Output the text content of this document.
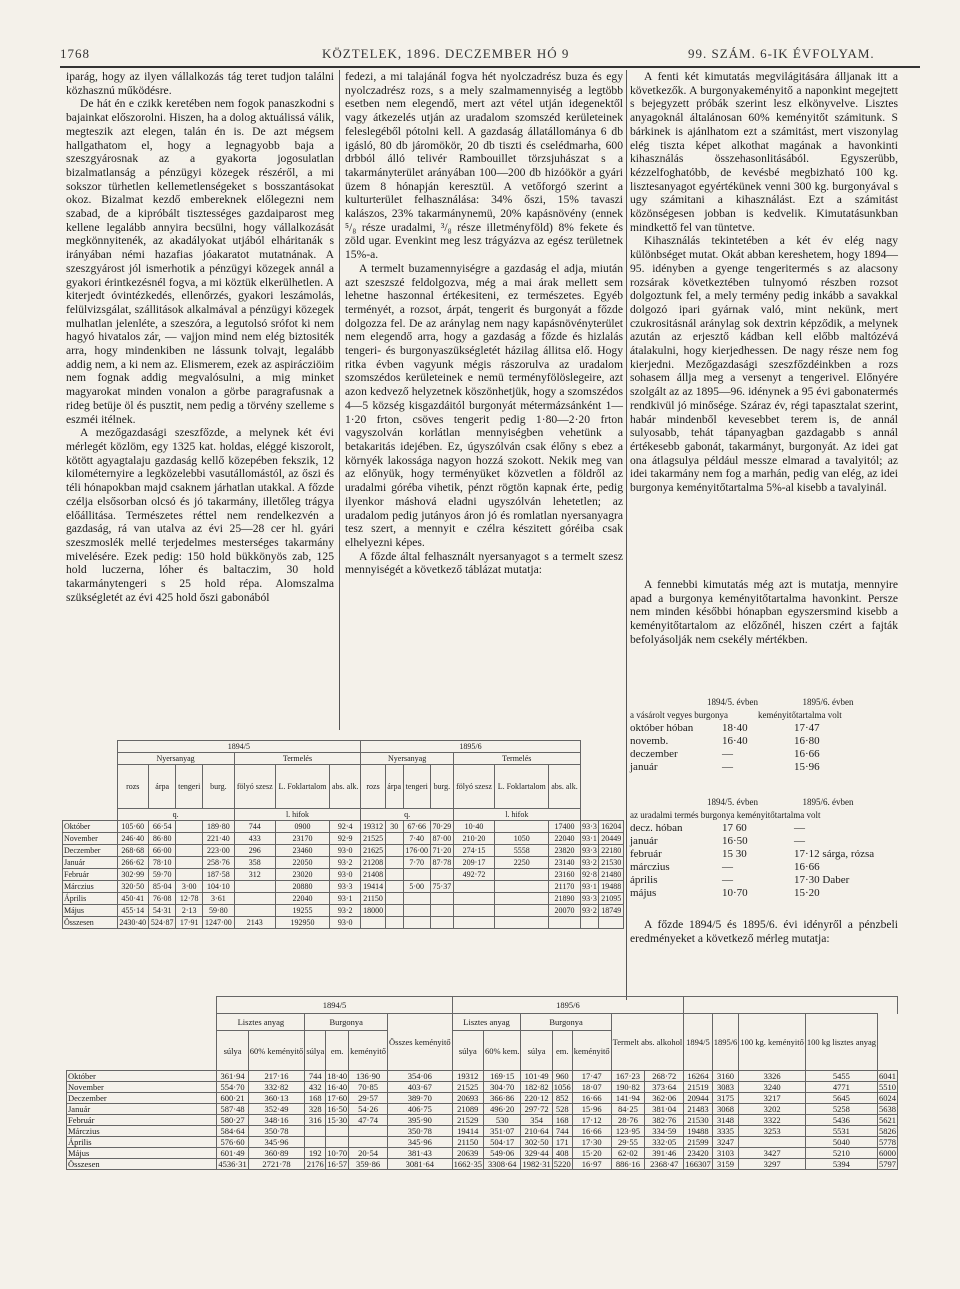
1768	KÖZTELEK, 1896. DECZEMBER HÓ 9	99. SZÁM. 6-IK ÉVFOLYAM.

iparág, hogy az ilyen vállalkozás tág teret tudjon találni közhasznú működésre.

De hát én e czikk keretében nem fogok panaszkodni s bajainkat előszorolni. Hiszen, ha a dolog aktuálissá válik, megteszik azt elegen, talán én is. De azt mégsem hallgathatom el, hogy a legnagyobb baja a szeszgyárosnak az a gyakorta jogosulatlan bizalmatlanság a pénzügyi közegek részéről, a mi sokszor türhetlen kellemetlenségeket s bosszantásokat okoz. Bizalmat kezdő embereknek előlegezni nem szabad, de a kipróbált tisztességes gazdaiparost meg kellene legalább annyira becsülni, hogy vállalkozását megkönnyitenék, az akadályokat utjából elháritanák s irányában némi hazafias jóakaratot mutatnának. A szeszgyárost jól ismerhotik a pénzügyi közegek annál a gyakori érintkezésnél fogva, a mi köztük elkerülhetlen. A kiterjedt óvintézkedés, ellenőrzés, gyakori leszámolás, felülvizsgálat, szállitások alkalmával a pénzügyi közegek mulhatlan jelenléte, a szeszóra, a legutolsó srófot ki nem hagyó hivatalos zár, — vajjon mind nem elég biztositék arra, hogy mindenkiben ne lássunk tolvajt, legalább addig nem, a ki nem az. Elismerem, ezek az aspirácziöim nem fognak addig megvalósulni, a mig minket magyarokat minden vonalon a görbe paragrafusnak a rideg betüje öl és pusztit, nem pedig a törvény szelleme s eszméi itélnek.

A mezőgazdasági szeszfőzde, a melynek két évi mérlegét közlöm, egy 1325 kat. holdas, eléggé kiszorolt, kötött agyagtalaju gazdaság kellő közepében fekszik, 12 kilométernyire a legközelebbi vasutállomástól, az őszi és téli hónapokban majd csaknem járhatlan utakkal. A főzde czélja elsősorban olcsó és jó takarmány, illetőleg trágya előállitása. Természetes réttel nem rendelkezvén a gazdaság, rá van utalva az évi 25—28 cer hl. gyári szeszmoslék mellé terjedelmes mesterséges takarmány mivelésére. Ezek pedig: 150 hold bükkönyös zab, 125 hold luczerna, lóher és baltaczim, 30 hold takarmánytengeri s 25 hold répa. Alomszalma szükségletét az évi 425 hold őszi gabonából

fedezi, a mi talajánál fogva hét nyolczadrész buza és egy nyolczadrész rozs, s a mely szalmamennyiség a legtöbb esetben nem elegendő, mert azt vétel utján idegenektől vagy átkezelés utján az uradalom szomszéd kerületeinek feleslegéből pótolni kell. A gazdaság állatállománya 6 db igásló, 80 db járomökör, 20 db tiszti és cselédmarha, 600 drbból álló telivér Rambouillet törzsjuhászat s a takarmányterület arányában 100—200 db hizóökör a gyári üzem 8 hónapján keresztül. A vetőforgó szerint a kulturterület felhasználása: 34% őszi, 15% tavaszi kalászos, 23% takarmánynemü, 20% kapásnövény (ennek ⁵/₈ része uradalmi, ³/₈ része illetményföld) 8% fekete és zöld ugar. Evenkint meg lesz trágyázva az egész területnek 15%-a.

A termelt buzamennyiségre a gazdaság el adja, miután azt szeszszé feldolgozva, még a mai árak mellett sem lehetne haszonnal értékesiteni, ez természetes. Egyéb terményét, a rozsot, árpát, tengerit és burgonyát a főzde dolgozza fel. De az aránylag nem nagy kapásnövényterület nem elegendő arra, hogy a gazdaság a főzde és hizlalás tengeri- és burgonyaszükségletét házilag állitsa elő. Hogy ritka évben vagyunk mégis rászorulva az uradalom szomszédos kerületeinek e nemü terményfölöslegeire, azt azon kedvező helyzetnek köszönhetjük, hogy a szomszédos 4—5 község kisgazdáitól burgonyát métermázsánként 1—1·20 frton, csöves tengerit pedig 1·80—2·20 frton vagyszolván korlátlan mennyiségben vehetünk a betakaritás idejében. Ez, úgyszólván csak élőny s ebez a környék lakossága nagyon hozzá szokott. Nekik meg van az előnyük, hogy terményüket közvetlen a földről az uradalmi góréba vihetik, pénzt rögtön kapnak érte, pedig ilyenkor máshová eladni ugyszólván lehetetlen; az uradalom pedig jutányos áron jó és romlatlan nyersanyagra tesz szert, a mennyit e czélra készitett góréiba csak elhelyezni képes.

A főzde által felhasznált nyersanyagot s a termelt szesz mennyiségét a következő táblázat mutatja:

A fenti két kimutatás megvilágitására álljanak itt a következők. A burgonyakeményitő a naponkint megejtett s bejegyzett próbák szerint lesz elkönyvelve. Lisztes anyagoknál általánosan 60% keményitőt számitunk. S bárkinek is ajánlhatom ezt a számitást, mert viszonylag elég tiszta képet alkothat magának a havonkinti kihasználás összehasonlitásából. Egyszerübb, kézzelfoghatóbb, de kevésbé megbizható 100 kg. lisztesanyagot egyértékünek venni 300 kg. burgonyával s ugy számitani a kihasználást. Ezt a számitást közönségesen jobban is kedvelik. Kimutatásunkban mindkettő fel van tüntetve.

Kihasználás tekintetében a két év elég nagy különbséget mutat. Okát abban kereshetem, hogy 1894—95. idényben a gyenge tengeritermés s az alacsony rozsárak következtében tulnyomó részben rozsot dolgoztunk fel, a mely termény pedig inkább a savakkal dolgozó ipari gyárnak való, mint nekünk, mert czukrositásnál aránylag sok dextrin képződik, a melynek azután az erjesztő kádban kell előbb maltózévá átalakulni, hogy kierjedhessen. De nagy része nem fog kierjedni. Mezőgazdasági szeszfőzdéinkben a rozs sohasem állja meg a versenyt a tengerivel. Előnyére szolgált az az 1895—96. idénynek a 95 évi gabonatermés rendkivül jó minősége. Száraz év, régi tapasztalat szerint, habár mindenből kevesebbet terem is, de annál sulyosabb, tehát tápanyagban gazdagabb s annál értékesebb gabonát, takarmányt, burgonyát. Az idei gat ona átlagsulya például messze elmarad a tavalyitól; az idei takarmány nem fog a marhán, pedig van elég, az idei burgonya keményitőtartalma 5%-al kisebb a tavalyinál.

A fennebbi kimutatás még azt is mutatja, mennyire apad a burgonya keményitőtartalma havonkint. Persze nem minden későbbi hónapban egyszersmind kisebb a keményitőtartalom az előzőnél, hiszen czért a fajták befolyásolják nem csekély mértékben.

1894/5. évben	1895/6. évben
a vásárolt vegyes burgonya	keményitőtartalma volt
október hóban	18·40	17·47
novemb.	16·40	16·80
deczember	—	16·66
január	—	15·96
1894/5. évben	1895/6. évben
az uradalmi termés burgonya keményitőtartalma volt
decz. hóban	17 60	—
január	16·50	—
február	15 30	17·12 sárga, rózsa
márczius	—	16·66
április	—	17·30 Daber
május	10·70	15·20

A főzde 1894/5 és 1895/6. évi idényről a pénzbeli eredményeket a következő mérleg mutatja:

	1894/5							1895/6								
	Nyersanyag				Termelés			Nyersanyag				Termelés				
	rozs	árpa	tengeri	burg.	fölyó szesz	L. Foklartalom	abs. alk.	rozs	árpa	tengeri	burg.	fölyó szesz	L. Foklartalom	abs. alk.		
	q.				l. hifok			q.				l. hifok				
Október	105·60	66·54		189·80	744	0900	92·4	19312	30	67·66	70·29	10·40		17400	93·3	16204
November	246·40	86·80		221·40	433	23170	92·9	21525		7·40	87·00	210·20	1050	22040	93·1	20449
Deczember	268·68	66·00		223·00	296	23460	93·0	21625		176·00	71·20	274·15	5558	23820	93·3	22180
Január	266·62	78·10		258·76	358	22050	93·2	21208		7·70	87·78	209·17	2250	23140	93·2	21530
Február	302·99	59·70		187·58	312	23020	93·0	21408				492·72		23160	92·8	21480
Márczius	320·50	85·04	3·00	104·10		20880	93·3	19414		5·00	75·37			21170	93·1	19488
Április	450·41	76·08	12·78	3·61		22040	93·1	21150						21890	93·3	21095
Május	455·14	54·31	2·13	59·80		19255	93·2	18000						20070	93·2	18749
Összesen	2430·40	524·87	17·91	1247·00	2143	192950	93·0									
	1894/5						1895/6											
	Lisztes anyag		Burgonya			Összes keményitő	Lisztes anyag		Burgonya			Termelt abs. alkohol		1894/5	1895/6	100 kg. keményitő	100 kg lisztes anyag	
	súlya	60% keményitő	súlya	em.	keményitő		súlya	60% kem.	súlya	em.	keményitő							
Október	361·94	217·16	744	18·40	136·90	354·06	19312	169·15	101·49	960	17·47	167·23	268·72	16264	3160	3326	5455	6041
November	554·70	332·82	432	16·40	70·85	403·67	21525	304·70	182·82	1056	18·07	190·82	373·64	21519	3083	3240	4771	5510
Deczember	600·21	360·13	168	17·60	29·57	389·70	20693	366·86	220·12	852	16·66	141·94	362·06	20944	3175	3217	5645	6024
Január	587·48	352·49	328	16·50	54·26	406·75	21089	496·20	297·72	528	15·96	84·25	381·04	21483	3068	3202	5258	5638
Február	580·27	348·16	316	15·30	47·74	395·90	21529	530	354	168	17·12	28·76	382·76	21530	3148	3322	5436	5621
Márczius	584·64	350·78				350·78	19414	351·07	210·64	744	16·66	123·95	334·59	19488	3335	3253	5531	5826
Április	576·60	345·96				345·96	21150	504·17	302·50	171	17·30	29·55	332·05	21599	3247		5040	5778
Május	601·49	360·89	192	10·70	20·54	381·43	20639	549·06	329·44	408	15·20	62·02	391·46	23420	3103	3427	5210	6000
Összesen	4536·31	2721·78	2176	16·57	359·86	3081·64	1662·35	3308·64	1982·31	5220	16·97	886·16	2368·47	166307	3159	3297	5394	5797
